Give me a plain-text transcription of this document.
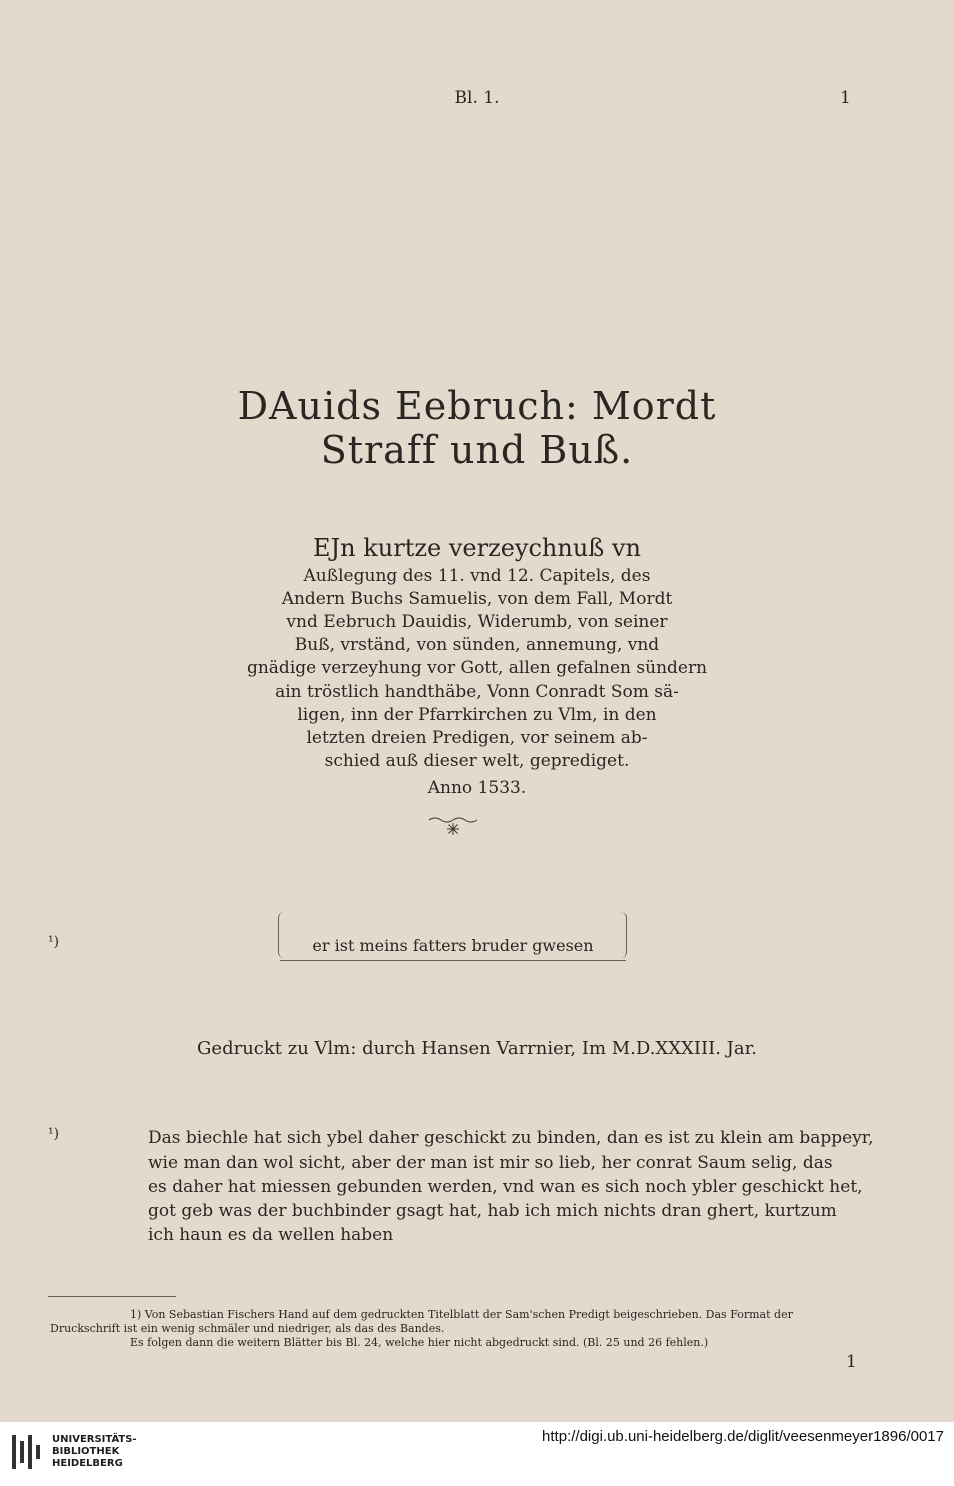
Bl. 1.	1
DAuids Eebruch: Mordt
Straff und Buß.
EJn kurtze verzeychnuß vn
Außlegung des 11. vnd 12. Capitels, des
Andern Buchs Samuelis, von dem Fall, Mordt
vnd Eebruch Dauidis, Widerumb, von seiner
Buß, vrständ, von sünden, annemung, vnd
gnädige verzeyhung vor Gott, allen gefalnen sündern
ain tröstlich handthäbe, Vonn Conradt Som sä-
ligen, inn der Pfarrkirchen zu Vlm, in den
letzten dreien Predigen, vor seinem ab-
schied auß dieser welt, geprediget.
Anno 1533.
¹)	er ist meins fatters bruder gwesen
Gedruckt zu Vlm: durch Hansen Varrnier, Im M.D.XXXIII. Jar.
¹)	Das biechle hat sich ybel daher geschickt zu binden, dan es ist zu klein am bappeyr,
wie man dan wol sicht, aber der man ist mir so lieb, her conrat Saum selig, das
es daher hat miessen gebunden werden, vnd wan es sich noch ybler geschickt het,
got geb was der buchbinder gsagt hat, hab ich mich nichts dran ghert, kurtzum
ich haun es da wellen haben
1) Von Sebastian Fischers Hand auf dem gedruckten Titelblatt der Sam'schen Predigt beigeschrieben. Das Format der
Druckschrift ist ein wenig schmäler und niedriger, als das des Bandes.
Es folgen dann die weitern Blätter bis Bl. 24, welche hier nicht abgedruckt sind. (Bl. 25 und 26 fehlen.)
1
UNIVERSITÄTS-
BIBLIOTHEK
HEIDELBERG
http://digi.ub.uni-heidelberg.de/diglit/veesenmeyer1896/0017
